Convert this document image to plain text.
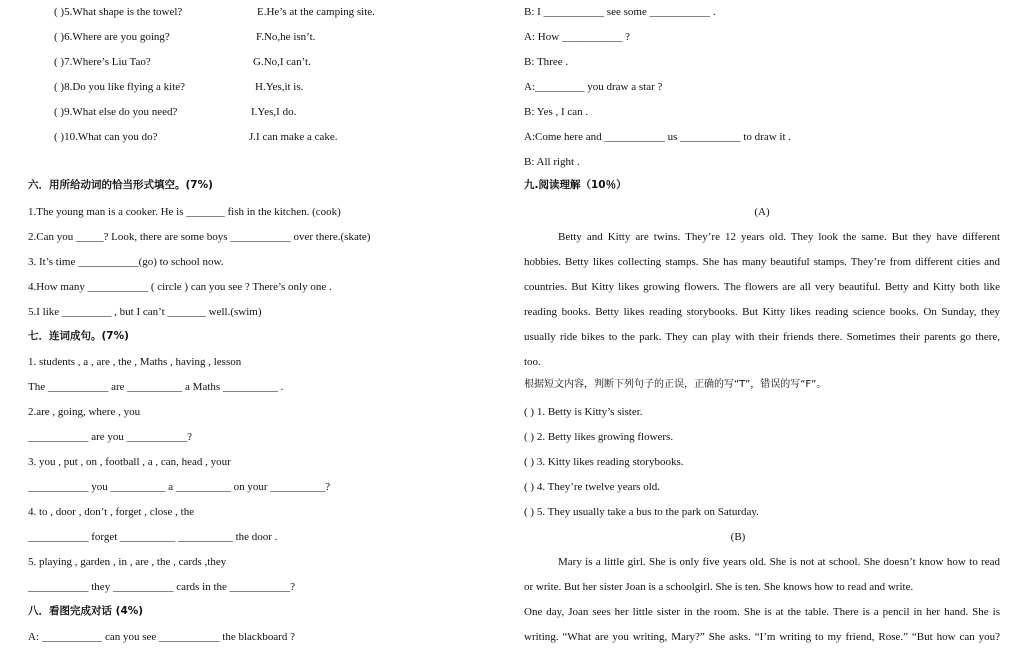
( )5.What shape is the towel?	E.He’s at the camping site.
( )6.Where are you going?	F.No,he isn’t.
( )7.Where’s Liu Tao?	G.No,I can’t.
( )8.Do you like flying a kite?	H.Yes,it is.
( )9.What else do you need?	I.Yes,I do.
( )10.What can you do?	J.I can make a cake.
六．用所给动词的恰当形式填空。(7%)
1.The young man is a cooker. He is _______ fish in the kitchen. (cook)
2.Can you _____? Look, there are some boys ___________ over there.(skate)
3. It’s time ___________(go) to school now.
4.How many ___________ ( circle ) can you see ? There’s only one .
5.I like _________ , but I can’t _______ well.(swim)
七．连词成句。(7%)
1. students , a , are , the , Maths , having , lesson
The ___________ are __________ a Maths __________ .
2.are , going, where , you
___________ are you ___________?
3. you , put , on , football , a , can, head , your
___________ you __________ a __________ on your __________?
4. to , door , don’t , forget , close , the
___________ forget __________ __________ the door .
5. playing , garden , in , are , the , cards ,they
___________ they ___________ cards in the ___________?
八．看图完成对话 (4%)
A: ___________ can you see ___________ the blackboard ?
B: I ___________ see some ___________ .
A: How ___________ ?
B: Three .
A:_________ you draw a star ?
B: Yes , I can .
A:Come here and ___________ us ___________ to draw it .
B: All right .
九.阅读理解（10％）
(A)
Betty and Kitty are twins. They’re 12 years old. They look the same. But they have different
hobbies. Betty likes collecting stamps. She has many beautiful stamps. They’re from different cities and
countries. But Kitty likes growing flowers. The flowers are all very beautiful. Betty and Kitty both like
reading books. Betty likes reading storybooks. But Kitty likes reading science books. On Sunday, they
usually ride bikes to the park. They can play with their friends there. Sometimes their parents go there,
too.
根据短文内容，判断下列句子的正误，正确的写“T”，错误的写“F”。
( ) 1. Betty is Kitty’s sister.
( ) 2. Betty likes growing flowers.
( ) 3. Kitty likes reading storybooks.
( ) 4. They’re twelve years old.
( ) 5. They usually take a bus to the park on Saturday.
(B)
Mary is a little girl. She is only five years old. She is not at school. She doesn’t know how to read
or write. But her sister Joan is a schoolgirl. She is ten. She knows how to read and write.
One day, Joan sees her little sister in the room. She is at the table. There is a pencil in her hand. She is
writing. “What are you writing, Mary?” She asks. “I’m writing to my friend, Rose.” “But how can you?
